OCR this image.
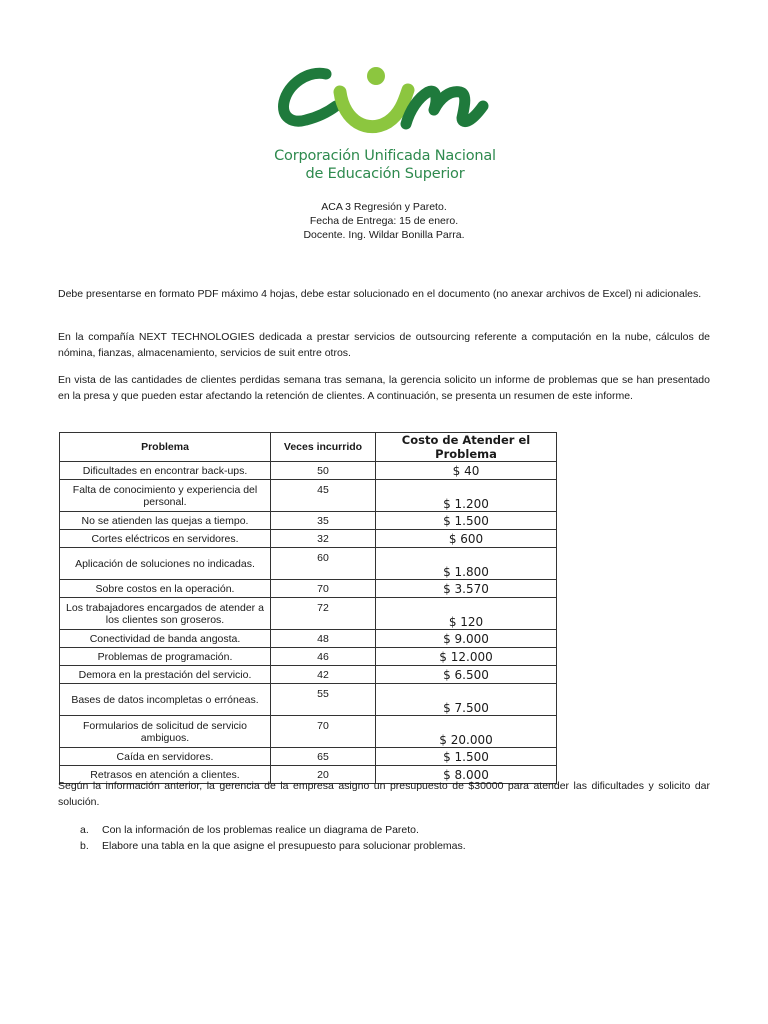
Corporación Unificada Nacional
de Educación Superior
ACA 3 Regresión y Pareto.
Fecha de Entrega: 15 de enero.
Docente. Ing. Wildar Bonilla Parra.
Debe presentarse en formato PDF máximo 4 hojas, debe estar solucionado en el documento (no anexar archivos de Excel) ni adicionales.
En la compañía NEXT TECHNOLOGIES dedicada a prestar servicios de outsourcing referente a computación en la nube, cálculos de nómina, fianzas, almacenamiento, servicios de suit entre otros.
En vista de las cantidades de clientes perdidas semana tras semana, la gerencia solicito un informe de problemas que se han presentado en la presa y que pueden estar afectando la retención de clientes. A continuación, se presenta un resumen de este informe.
Problema	Veces incurrido	Costo de Atender el Problema
Dificultades en encontrar back-ups.	50	$ 40
Falta de conocimiento y experiencia del personal.	45	$ 1.200
No se atienden las quejas a tiempo.	35	$ 1.500
Cortes eléctricos en servidores.	32	$ 600
Aplicación de soluciones no indicadas.	60	$ 1.800
Sobre costos en la operación.	70	$ 3.570
Los trabajadores encargados de atender a los clientes son groseros.	72	$ 120
Conectividad de banda angosta.	48	$ 9.000
Problemas de programación.	46	$ 12.000
Demora en la prestación del servicio.	42	$ 6.500
Bases de datos incompletas o erróneas.	55	$ 7.500
Formularios de solicitud de servicio ambiguos.	70	$ 20.000
Caída en servidores.	65	$ 1.500
Retrasos en atención a clientes.	20	$ 8.000
Según la información anterior, la gerencia de la empresa asigno un presupuesto de $30000 para atender las dificultades y solicito dar solución.
a. Con la información de los problemas realice un diagrama de Pareto.
b. Elabore una tabla en la que asigne el presupuesto para solucionar problemas.
